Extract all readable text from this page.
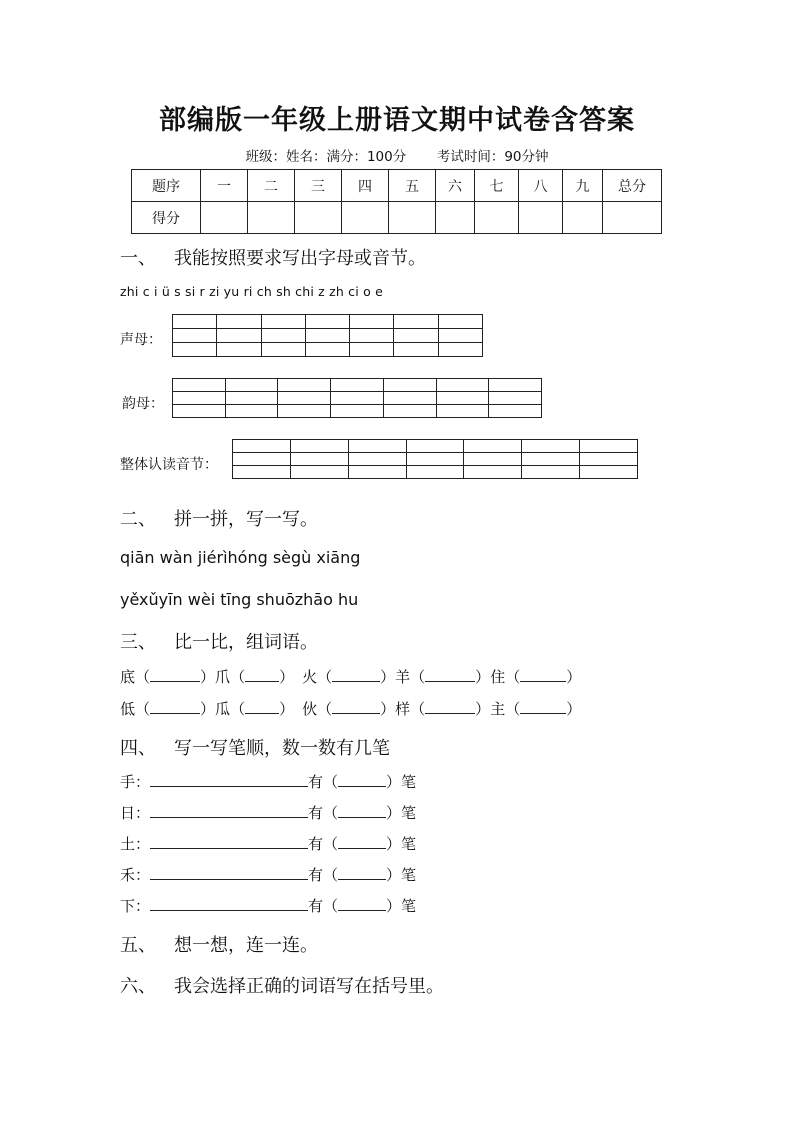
部编版一年级上册语文期中试卷含答案
班级：姓名：满分：100分 考试时间：90分钟
题序	一	二	三	四	五	六	七	八	九	总分
得分										
一、 我能按照要求写出字母或音节。
zhi c i ü s si r zi yu ri ch sh chi z zh ci o e
声母：

韵母：

整体认读音节：

二、 拼一拼，写一写。
qiān wàn jiérìhóng sègù xiāng
yěxǔyīn wèi tīng shuōzhāo hu
三、 比一比，组词语。
底（	）爪（ ） 火（	）羊（	）住（	）
低（	）瓜（ ） 伙（	）样（	）主（	）
四、 写一写笔顺，数一数有几笔
手：	有（	）笔
日：	有（	）笔
土：	有（	）笔
禾：	有（	）笔
下：	有（	）笔
五、 想一想，连一连。
六、 我会选择正确的词语写在括号里。
